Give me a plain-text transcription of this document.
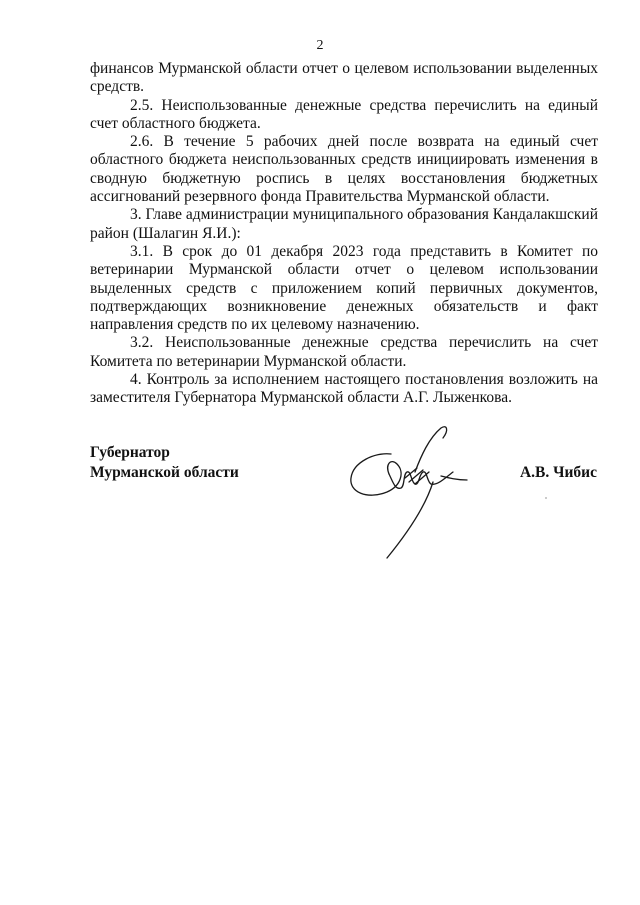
2

финансов Мурманской области отчет о целевом использовании выделенных средств.

2.5. Неиспользованные денежные средства перечислить на единый счет областного бюджета.

2.6. В течение 5 рабочих дней после возврата на единый счет областного бюджета неиспользованных средств инициировать изменения в сводную бюджетную роспись в целях восстановления бюджетных ассигнований резервного фонда Правительства Мурманской области.

3. Главе администрации муниципального образования Кандалакшский район (Шалагин Я.И.):

3.1. В срок до 01 декабря 2023 года представить в Комитет по ветеринарии Мурманской области отчет о целевом использовании выделенных средств с приложением копий первичных документов, подтверждающих возникновение денежных обязательств и факт направления средств по их целевому назначению.

3.2. Неиспользованные денежные средства перечислить на счет Комитета по ветеринарии Мурманской области.

4. Контроль за исполнением настоящего постановления возложить на заместителя Губернатора Мурманской области А.Г. Лыженкова.

Губернатор
Мурманской области	А.В. Чибис
